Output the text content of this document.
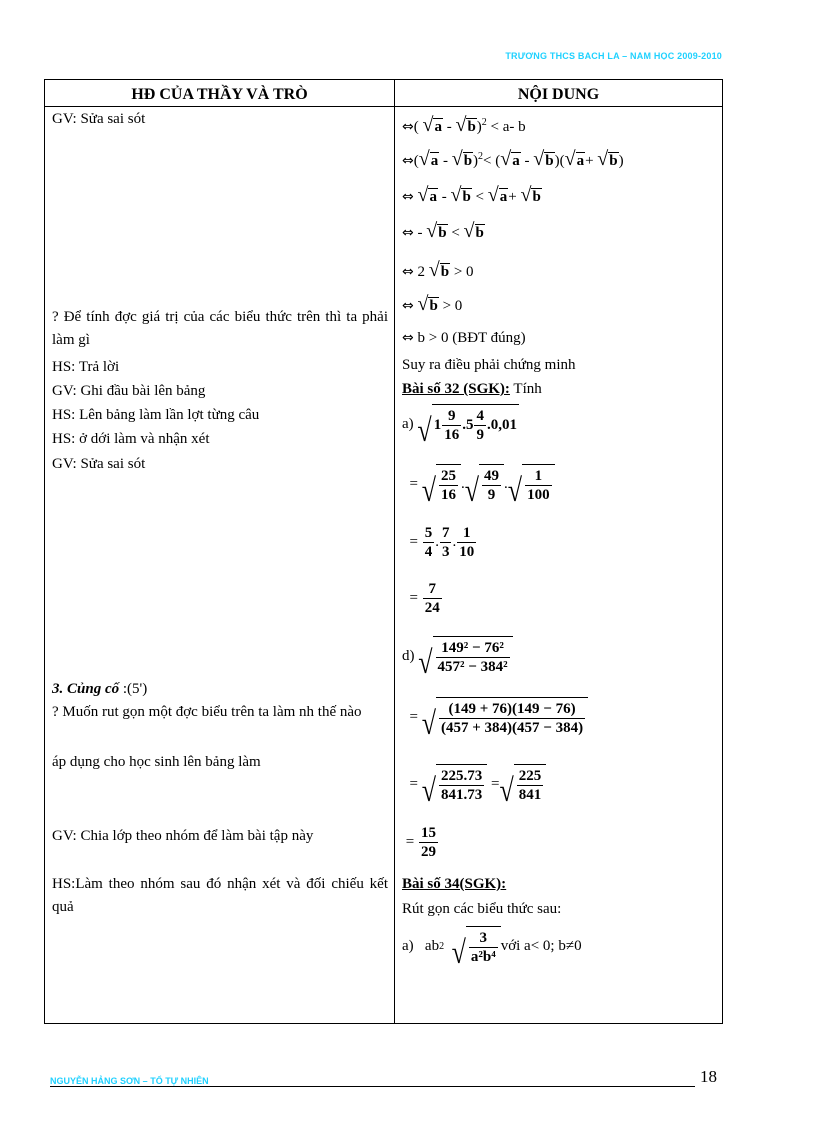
TRƯỜNG THCS BÁCH LA – NĂM HỌC 2009-2010
HĐ CỦA THẦY VÀ TRÒ	NỘI DUNG
GV: Sửa sai sót
? Để tính đợc giá trị của các biểu thức trên thì ta phải làm gì
HS: Trả lời
GV: Ghi đầu bài lên bảng
HS: Lên bảng làm lần lợt từng câu
HS: ở dới làm và nhận xét
GV: Sửa sai sót
3. Củng cố :(5')
? Muốn rut gọn một đợc biểu trên ta làm nh thế nào
áp dụng cho học sinh lên bảng làm
GV: Chia lớp theo nhóm để làm bài tập này
HS:Làm theo nhóm sau đó nhận xét và đối chiếu kết quả
⇔( √a - √b)$^2$ < a- b
⇔(√a - √b)$^2$< (√a - √b)(√a+ √b)
⇔ √a - √b < √a+ √b
⇔ - √b < √b
⇔ 2 √b > 0
⇔ √b > 0
⇔ b > 0 (BĐT đúng)
Suy ra điều phải chứng minh
Bài số 32 (SGK): Tính
a)
√ $1 \frac{9}{16} .5 \frac{4}{9} .0,01$

=
√ $\frac{25}{16}$ . √ $\frac{49}{9}$ . √ $\frac{1}{100}$

=
$\frac{5}{4}$ . $\frac{7}{3}$ . $\frac{1}{10}$

=
$\frac{7}{24}$
d)
√ $\frac{\text{149² − 76²}}{\text{457² − 384²}}$

=
√ $\frac{(149 + 76)(149 - 76)}{(457 + 384)(457 - 384)}$

=
√ $\frac{225.73}{841.73}$
= √ $\frac{225}{841}$

=
$\frac{15}{29}$
Bài số 34(SGK):
Rút gọn các biểu thức sau:
a)
ab 2
√ $\frac{3}{\text{a²b⁴}}$ với a< 0; b≠0
NGUYỄN HẢNG SƠN – TỔ TỰ NHIÊN	18
